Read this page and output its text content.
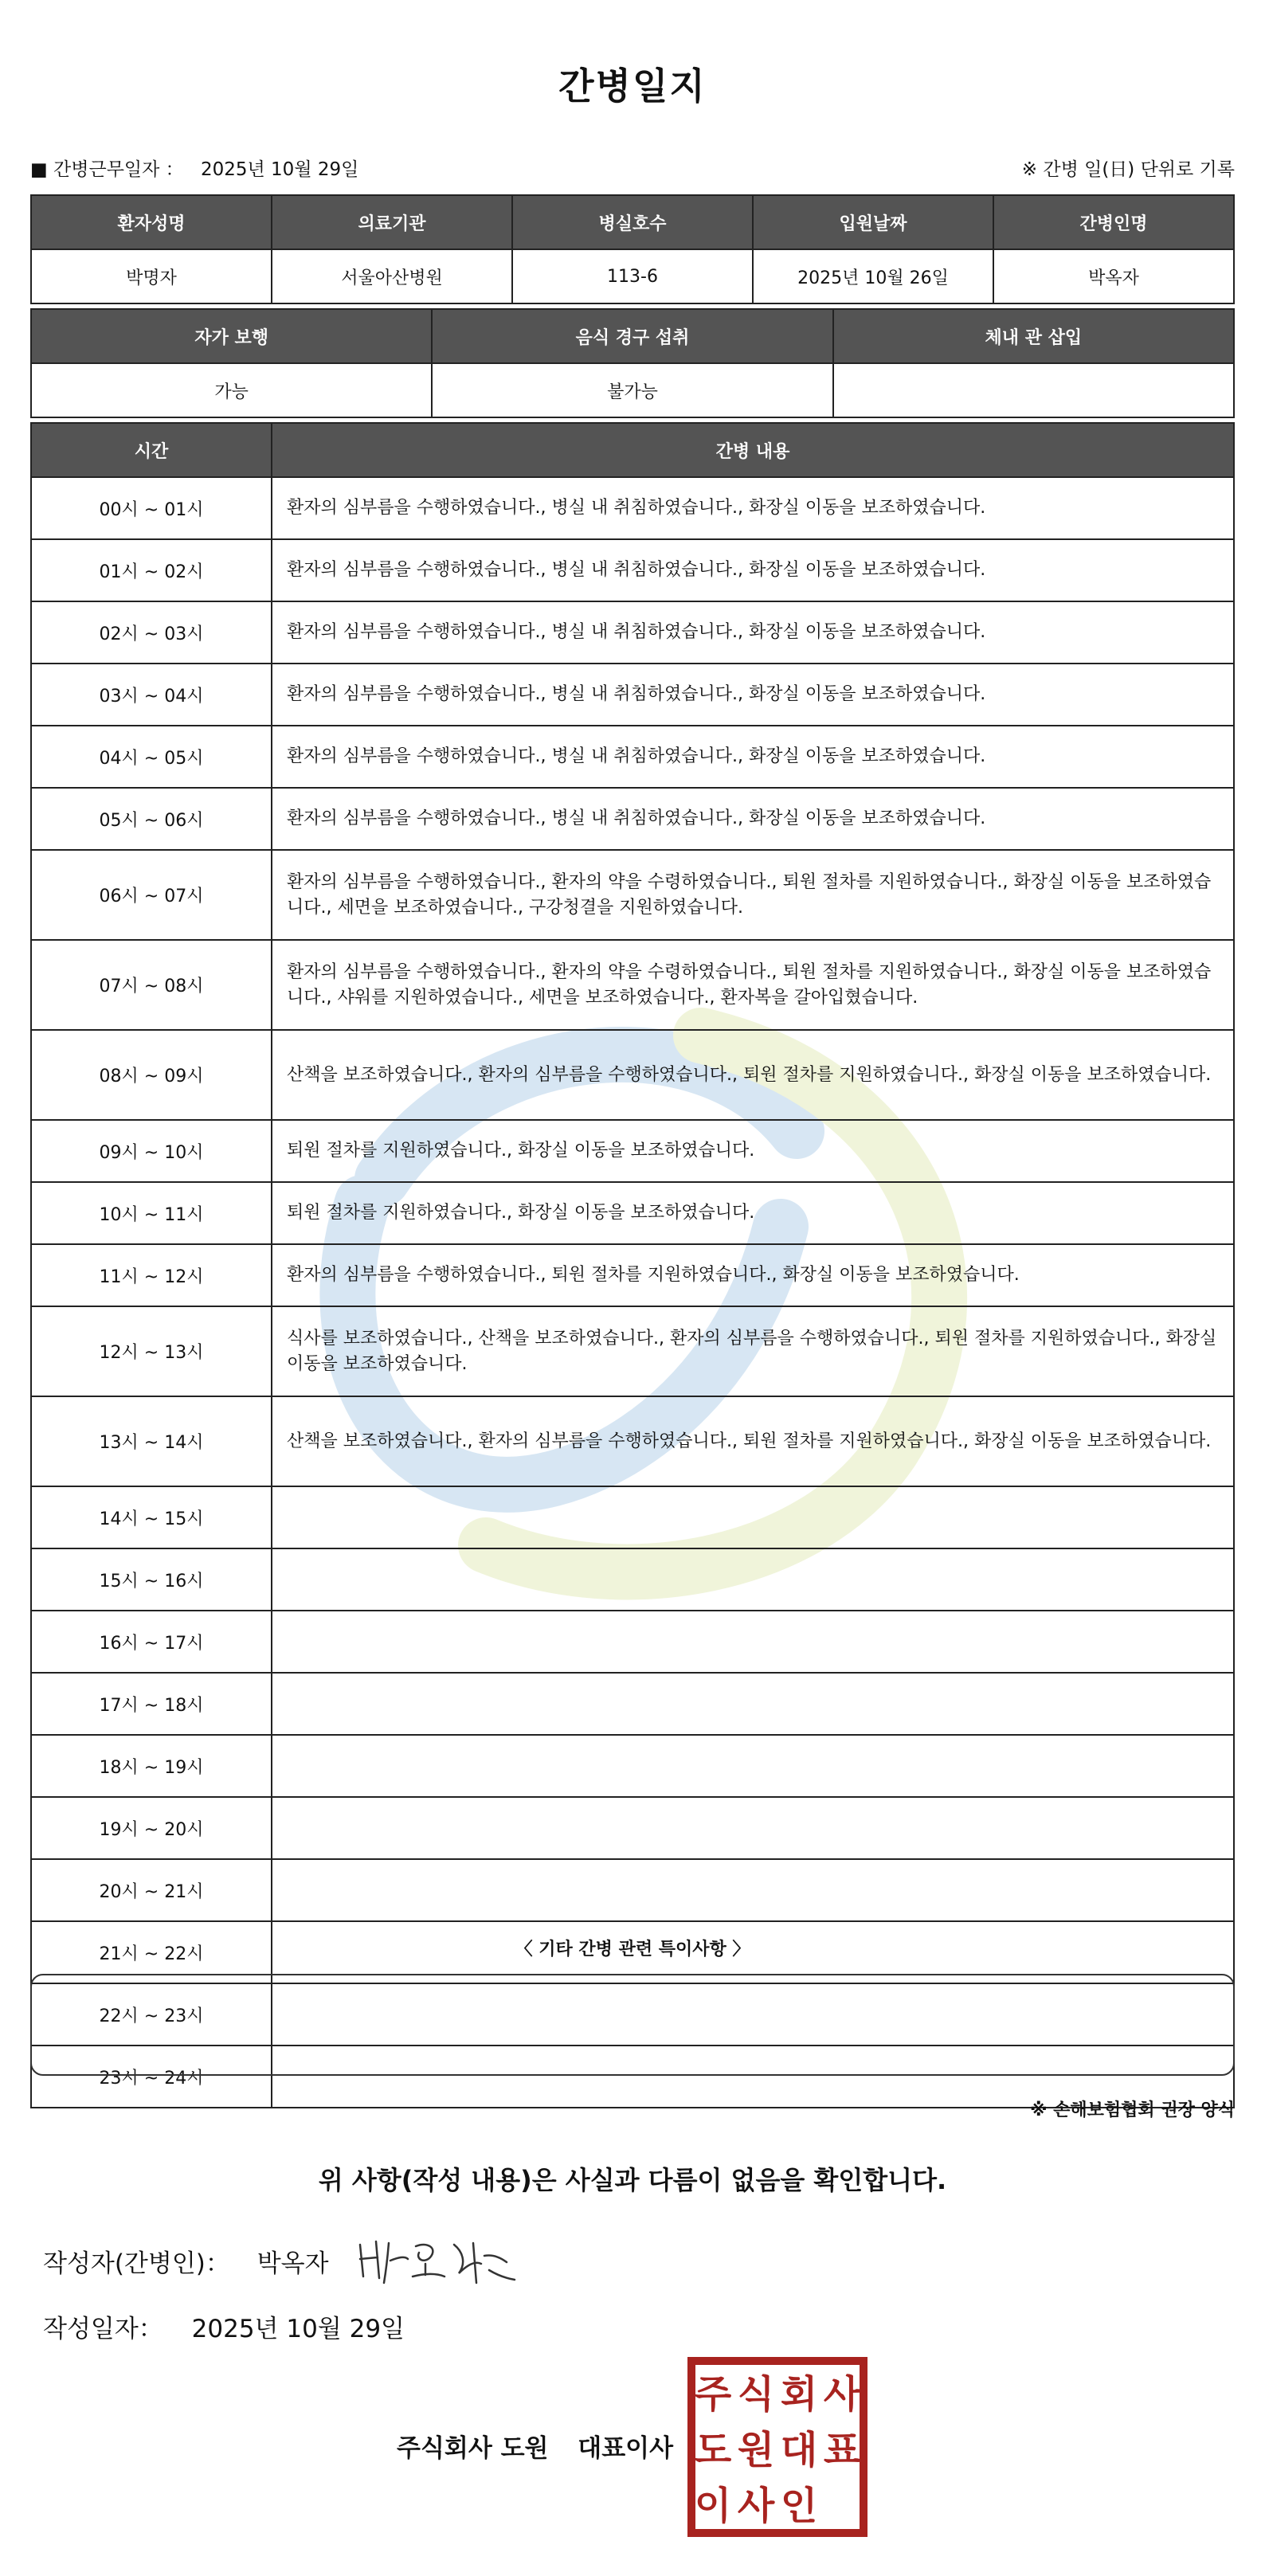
간병일지
■ 간병근무일자 ： 2025년 10월 29일	※ 간병 일(日) 단위로 기록
환자성명	의료기관	병실호수	입원날짜	간병인명
박명자	서울아산병원	113-6	2025년 10월 26일	박옥자
자가 보행	음식 경구 섭취	체내 관 삽입
가능	불가능	
시간	간병 내용
00시 ~ 01시	환자의 심부름을 수행하였습니다., 병실 내 취침하였습니다., 화장실 이동을 보조하였습니다.
01시 ~ 02시	환자의 심부름을 수행하였습니다., 병실 내 취침하였습니다., 화장실 이동을 보조하였습니다.
02시 ~ 03시	환자의 심부름을 수행하였습니다., 병실 내 취침하였습니다., 화장실 이동을 보조하였습니다.
03시 ~ 04시	환자의 심부름을 수행하였습니다., 병실 내 취침하였습니다., 화장실 이동을 보조하였습니다.
04시 ~ 05시	환자의 심부름을 수행하였습니다., 병실 내 취침하였습니다., 화장실 이동을 보조하였습니다.
05시 ~ 06시	환자의 심부름을 수행하였습니다., 병실 내 취침하였습니다., 화장실 이동을 보조하였습니다.
06시 ~ 07시	환자의 심부름을 수행하였습니다., 환자의 약을 수령하였습니다., 퇴원 절차를 지원하였습니다., 화장실 이동을 보조하였습니다., 세면을 보조하였습니다., 구강청결을 지원하였습니다.
07시 ~ 08시	환자의 심부름을 수행하였습니다., 환자의 약을 수령하였습니다., 퇴원 절차를 지원하였습니다., 화장실 이동을 보조하였습니다., 샤워를 지원하였습니다., 세면을 보조하였습니다., 환자복을 갈아입혔습니다.
08시 ~ 09시	산책을 보조하였습니다., 환자의 심부름을 수행하였습니다., 퇴원 절차를 지원하였습니다., 화장실 이동을 보조하였습니다.
09시 ~ 10시	퇴원 절차를 지원하였습니다., 화장실 이동을 보조하였습니다.
10시 ~ 11시	퇴원 절차를 지원하였습니다., 화장실 이동을 보조하였습니다.
11시 ~ 12시	환자의 심부름을 수행하였습니다., 퇴원 절차를 지원하였습니다., 화장실 이동을 보조하였습니다.
12시 ~ 13시	식사를 보조하였습니다., 산책을 보조하였습니다., 환자의 심부름을 수행하였습니다., 퇴원 절차를 지원하였습니다., 화장실 이동을 보조하였습니다.
13시 ~ 14시	산책을 보조하였습니다., 환자의 심부름을 수행하였습니다., 퇴원 절차를 지원하였습니다., 화장실 이동을 보조하였습니다.
14시 ~ 15시	
15시 ~ 16시	
16시 ~ 17시	
17시 ~ 18시	
18시 ~ 19시	
19시 ~ 20시	
20시 ~ 21시	
21시 ~ 22시	
22시 ~ 23시	
23시 ~ 24시	
〈 기타 간병 관련 특이사항 〉
※ 손해보험협회 권장 양식
위 사항(작성 내용)은 사실과 다름이 없음을 확인합니다.
작성자(간병인)： 박옥자
작성일자： 2025년 10월 29일
주식회사 도원 대표이사
주 식 회 사
도 원 대 표
이 사 인
